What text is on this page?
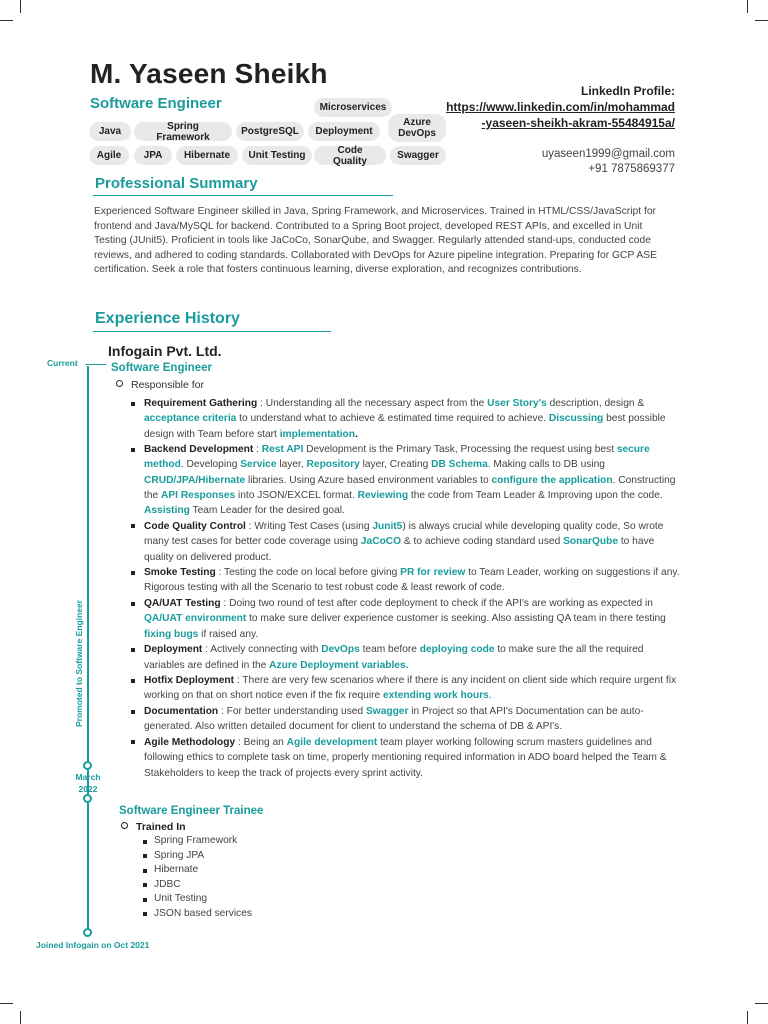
M. Yaseen Sheikh
Software Engineer
Java	Spring Framework	PostgreSQL	Deployment
Microservices
Azure DevOps
Agile	JPA	Hibernate	Unit Testing	Code Quality	Swagger
LinkedIn Profile:
https://www.linkedin.com/in/mohammad
-yaseen-sheikh-akram-55484915a/
uyaseen1999@gmail.com
+91 7875869377
Professional Summary
Experienced Software Engineer skilled in Java, Spring Framework, and Microservices. Trained in HTML/CSS/JavaScript for frontend and Java/MySQL for backend. Contributed to a Spring Boot project, developed REST APIs, and excelled in Unit Testing (JUnit5). Proficient in tools like JaCoCo, SonarQube, and Swagger. Regularly attended stand-ups, conducted code reviews, and adhered to coding standards. Collaborated with DevOps for Azure pipeline integration. Preparing for GCP ASE certification. Seek a role that fosters continuous learning, diverse exploration, and recognizes contributions.
Experience History
Infogain Pvt. Ltd.
Software Engineer
Responsible for
Requirement Gathering : Understanding all the necessary aspect from the User Story's description, design & acceptance criteria to understand what to achieve & estimated time required to achieve. Discussing best possible design with Team before start implementation.
Backend Development : Rest API Development is the Primary Task, Processing the request using best secure method. Developing Service layer, Repository layer, Creating DB Schema. Making calls to DB using CRUD/JPA/Hibernate libraries. Using Azure based environment variables to configure the application. Constructing the API Responses into JSON/EXCEL format. Reviewing the code from Team Leader & Improving upon the code. Assisting Team Leader for the desired goal.
Code Quality Control : Writing Test Cases (using Junit5) is always crucial while developing quality code, So wrote many test cases for better code coverage using JaCoCO & to achieve coding standard used SonarQube to have quality on delivered product.
Smoke Testing : Testing the code on local before giving PR for review to Team Leader, working on suggestions if any. Rigorous testing with all the Scenario to test robust code & least rework of code.
QA/UAT Testing : Doing two round of test after code deployment to check if the API's are working as expected in QA/UAT environment to make sure deliver experience customer is seeking. Also assisting QA team in there testing fixing bugs if raised any.
Deployment : Actively connecting with DevOps team before deploying code to make sure the all the required variables are defined in the Azure Deployment variables.
Hotfix Deployment : There are very few scenarios where if there is any incident on client side which require urgent fix working on that on short notice even if the fix require extending work hours.
Documentation : For better understanding used Swagger in Project so that API's Documentation can be auto-generated. Also written detailed document for client to understand the schema of DB & API's.
Agile Methodology : Being an Agile development team player working following scrum masters guidelines and following ethics to complete task on time, properly mentioning required information in ADO board helped the Team & Stakeholders to keep the track of projects every sprint activity.
Software Engineer Trainee
Trained In
Spring Framework
Spring JPA
Hibernate
JDBC
Unit Testing
JSON based services
Current
Promoted to Software Engineer
March
2022
Joined Infogain on Oct 2021
